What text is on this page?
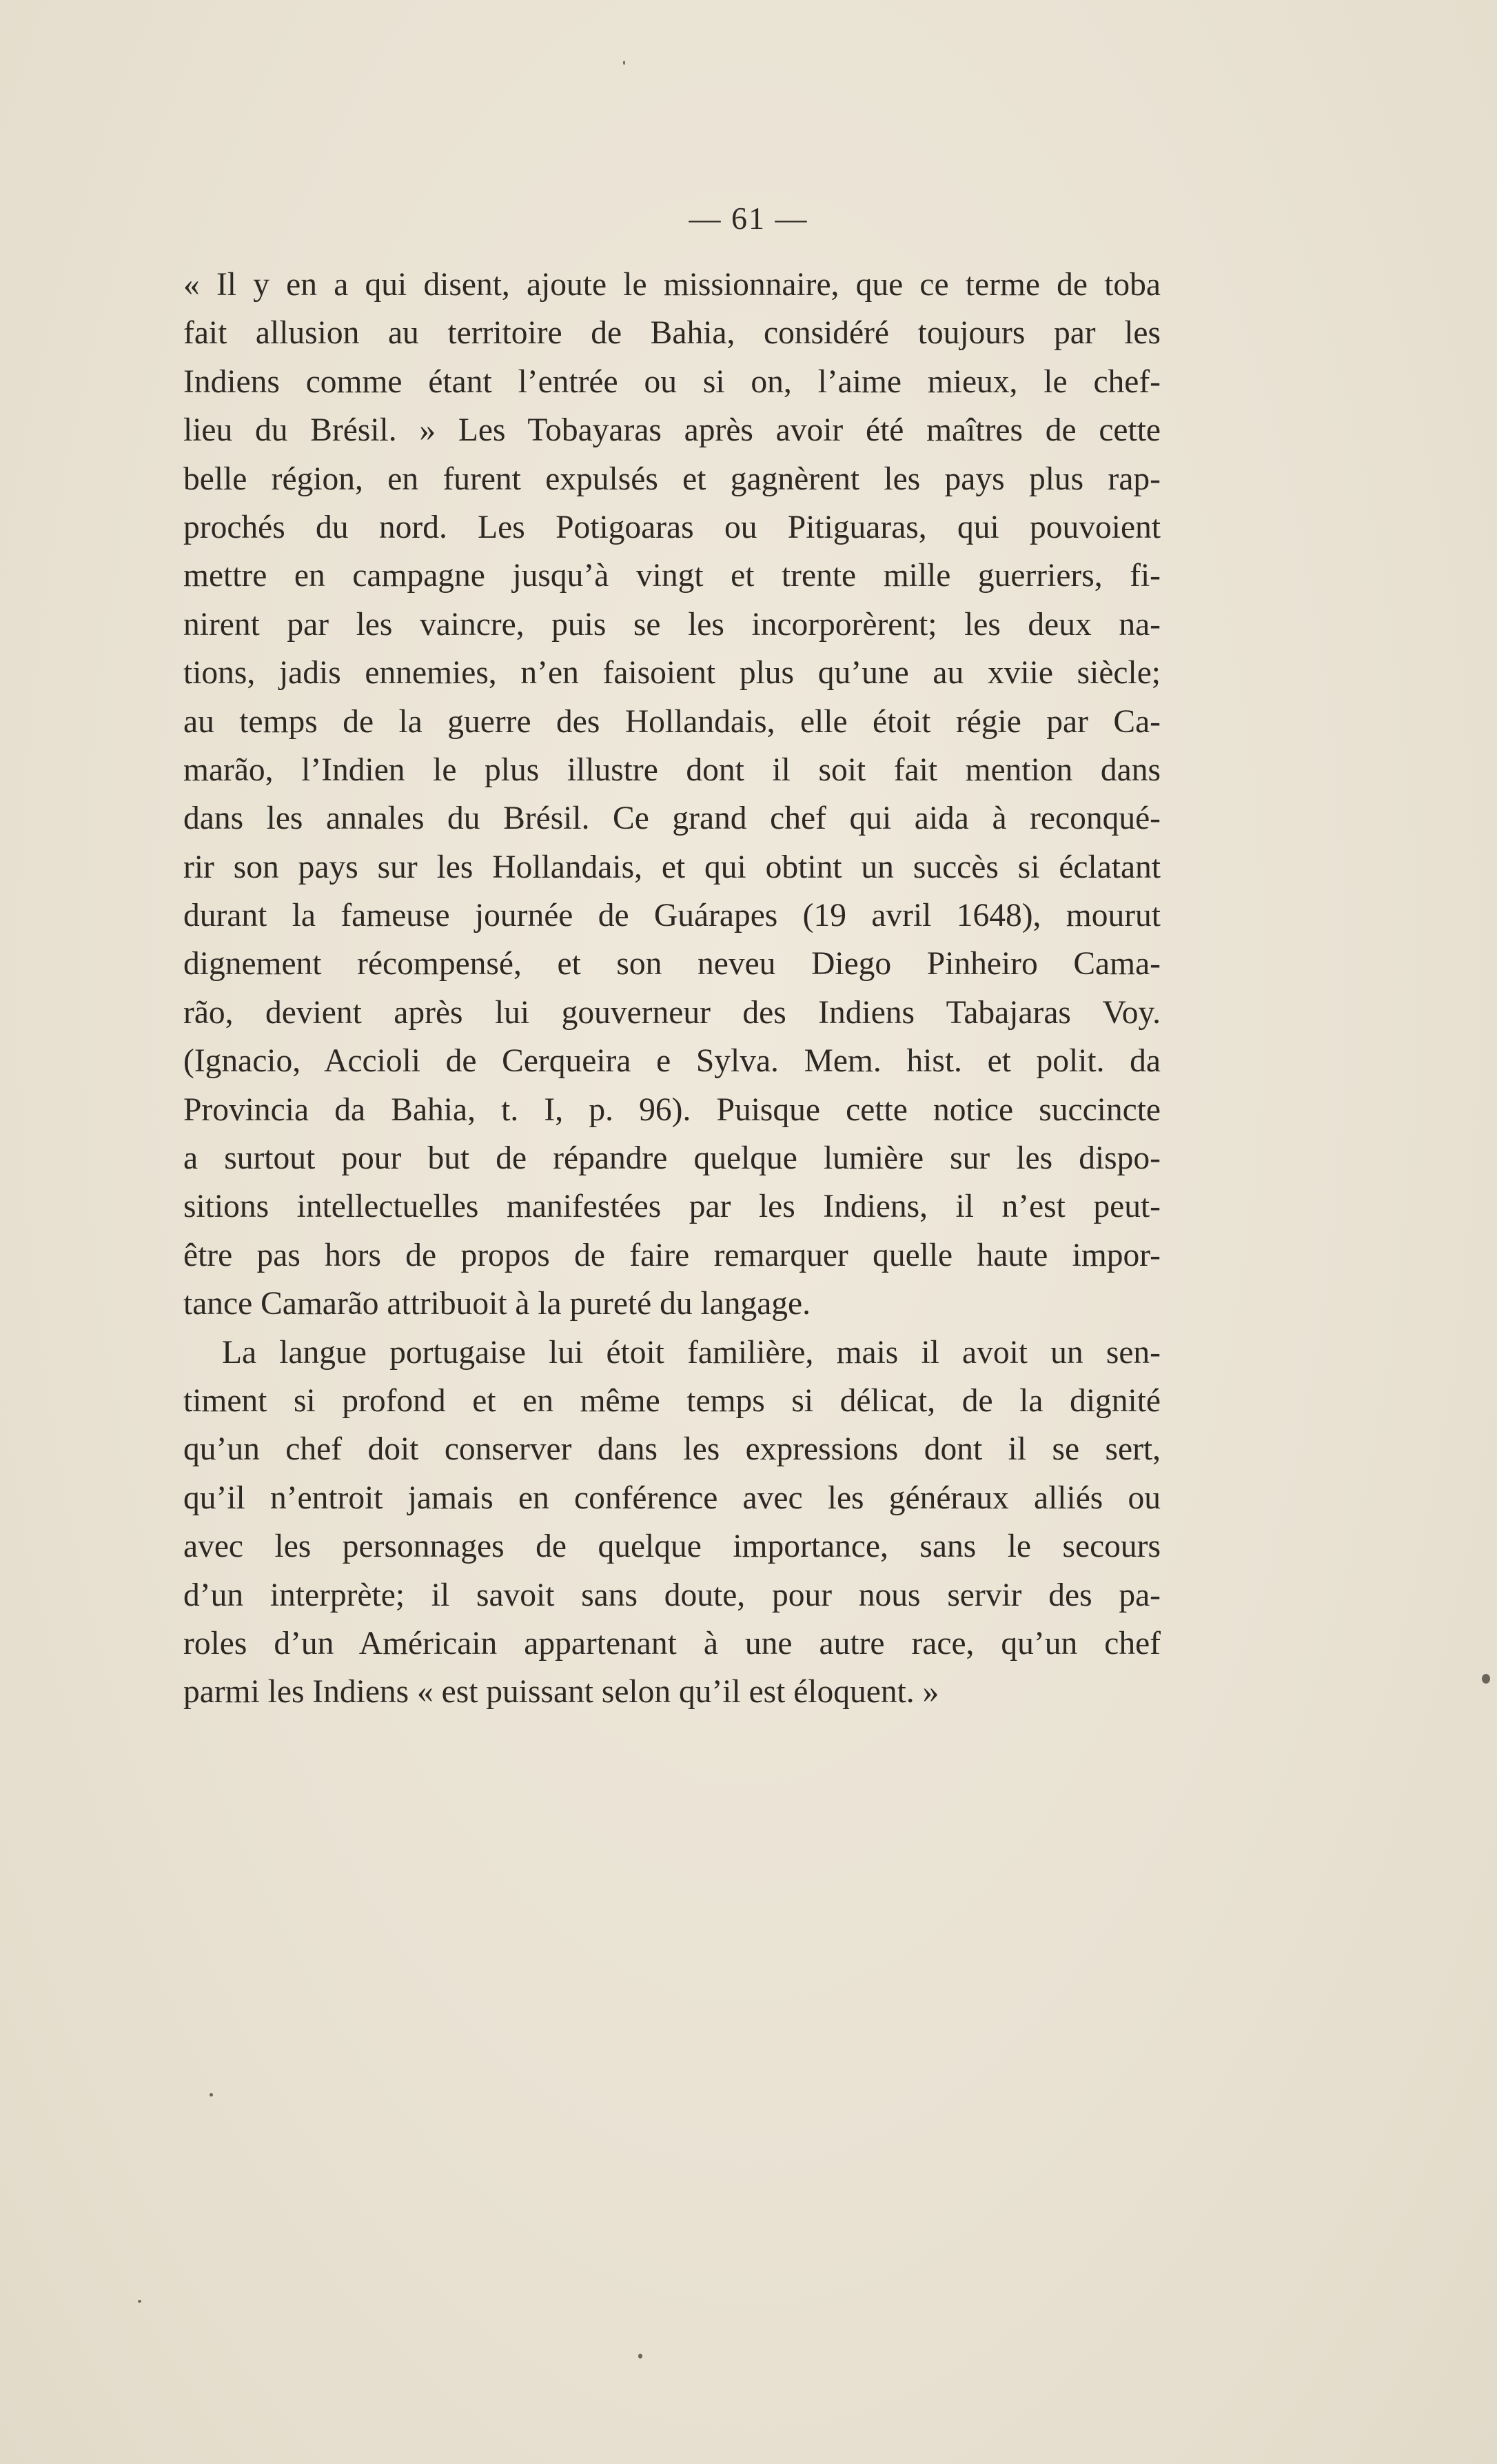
— 61 —
« Il y en a qui disent, ajoute le missionnaire, que ce terme de toba
fait allusion au territoire de Bahia, considéré toujours par les
Indiens comme étant l’entrée ou si on, l’aime mieux, le chef-
lieu du Brésil. » Les Tobayaras après avoir été maîtres de cette
belle région, en furent expulsés et gagnèrent les pays plus rap-
prochés du nord. Les Potigoaras ou Pitiguaras, qui pouvoient
mettre en campagne jusqu’à vingt et trente mille guerriers, fi-
nirent par les vaincre, puis se les incorporèrent; les deux na-
tions, jadis ennemies, n’en faisoient plus qu’une au xviie siècle;
au temps de la guerre des Hollandais, elle étoit régie par Ca-
marão, l’Indien le plus illustre dont il soit fait mention dans
dans les annales du Brésil. Ce grand chef qui aida à reconqué-
rir son pays sur les Hollandais, et qui obtint un succès si éclatant
durant la fameuse journée de Guárapes (19 avril 1648), mourut
dignement récompensé, et son neveu Diego Pinheiro Cama-
rão, devient après lui gouverneur des Indiens Tabajaras Voy.
(Ignacio, Accioli de Cerqueira e Sylva. Mem. hist. et polit. da
Provincia da Bahia, t. I, p. 96). Puisque cette notice succincte
a surtout pour but de répandre quelque lumière sur les dispo-
sitions intellectuelles manifestées par les Indiens, il n’est peut-
être pas hors de propos de faire remarquer quelle haute impor-
tance Camarão attribuoit à la pureté du langage.
La langue portugaise lui étoit familière, mais il avoit un sen-
timent si profond et en même temps si délicat, de la dignité
qu’un chef doit conserver dans les expressions dont il se sert,
qu’il n’entroit jamais en conférence avec les généraux alliés ou
avec les personnages de quelque importance, sans le secours
d’un interprète; il savoit sans doute, pour nous servir des pa-
roles d’un Américain appartenant à une autre race, qu’un chef
parmi les Indiens « est puissant selon qu’il est éloquent. »
